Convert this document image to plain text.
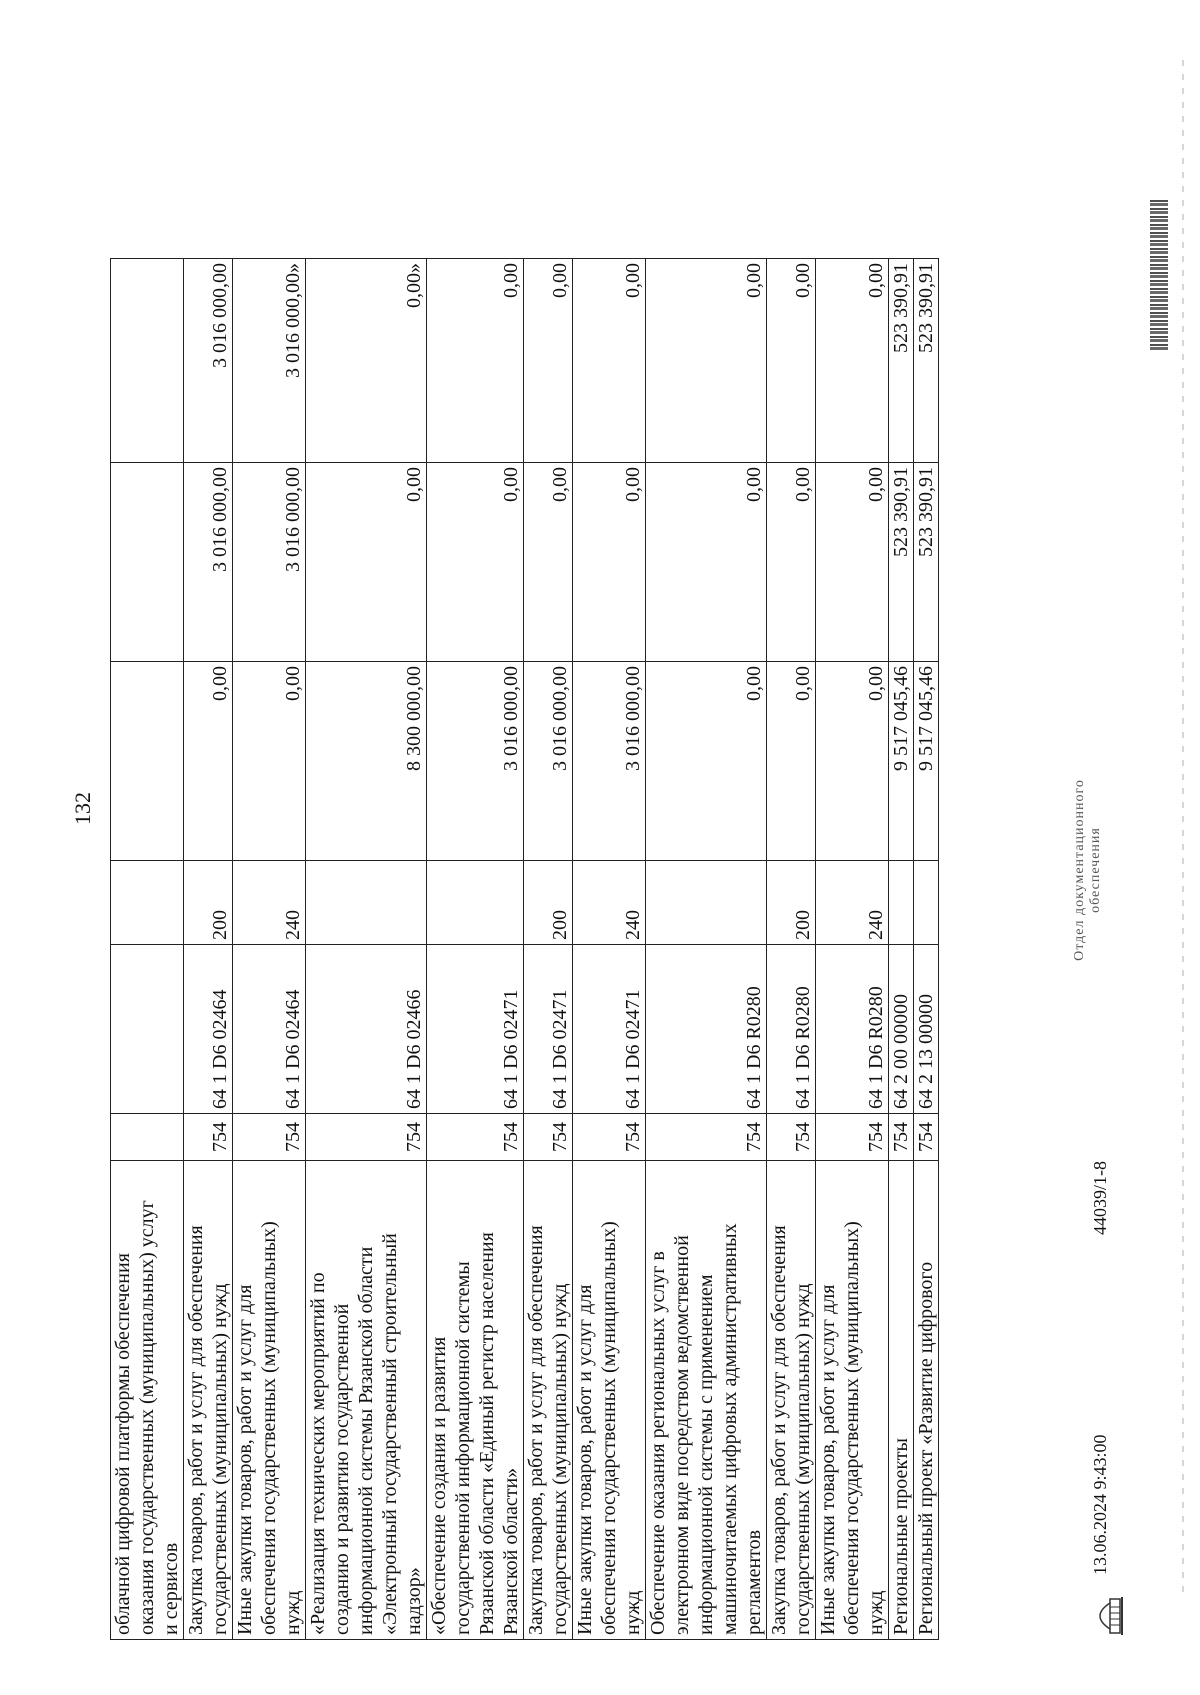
132
облачной цифровой платформы обеспечения оказания государственных (муниципальных) услуг и сервисов						

Закупка товаров, работ и услуг для обеспечения государственных (муниципальных) нужд	754	64 1 D6 02464	200	0,00	3 016 000,00	3 016 000,00

Иные закупки товаров, работ и услуг для обеспечения государственных (муниципальных) нужд	754	64 1 D6 02464	240	0,00	3 016 000,00	3 016 000,00»

«Реализация технических мероприятий по созданию и развитию государственной информационной системы Рязанской области «Электронный государственный строительный надзор»	754	64 1 D6 02466		8 300 000,00	0,00	0,00»

«Обеспечение создания и развития государственной информационной системы Рязанской области «Единый регистр населения Рязанской области»	754	64 1 D6 02471		3 016 000,00	0,00	0,00

Закупка товаров, работ и услуг для обеспечения государственных (муниципальных) нужд	754	64 1 D6 02471	200	3 016 000,00	0,00	0,00

Иные закупки товаров, работ и услуг для обеспечения государственных (муниципальных) нужд	754	64 1 D6 02471	240	3 016 000,00	0,00	0,00

Обеспечение оказания региональных услуг в электронном виде посредством ведомственной информационной системы с применением машиночитаемых цифровых административных регламентов	754	64 1 D6 R0280		0,00	0,00	0,00

Закупка товаров, работ и услуг для обеспечения государственных (муниципальных) нужд	754	64 1 D6 R0280	200	0,00	0,00	0,00

Иные закупки товаров, работ и услуг для обеспечения государственных (муниципальных) нужд	754	64 1 D6 R0280	240	0,00	0,00	0,00

Региональные проекты	754	64 2 00 00000		9 517 045,46	523 390,91	523 390,91

Региональный проект «Развитие цифрового	754	64 2 13 00000		9 517 045,46	523 390,91	523 390,91
13.06.2024 9:43:00
44039/1-8
Отдел документационного обеспечения
